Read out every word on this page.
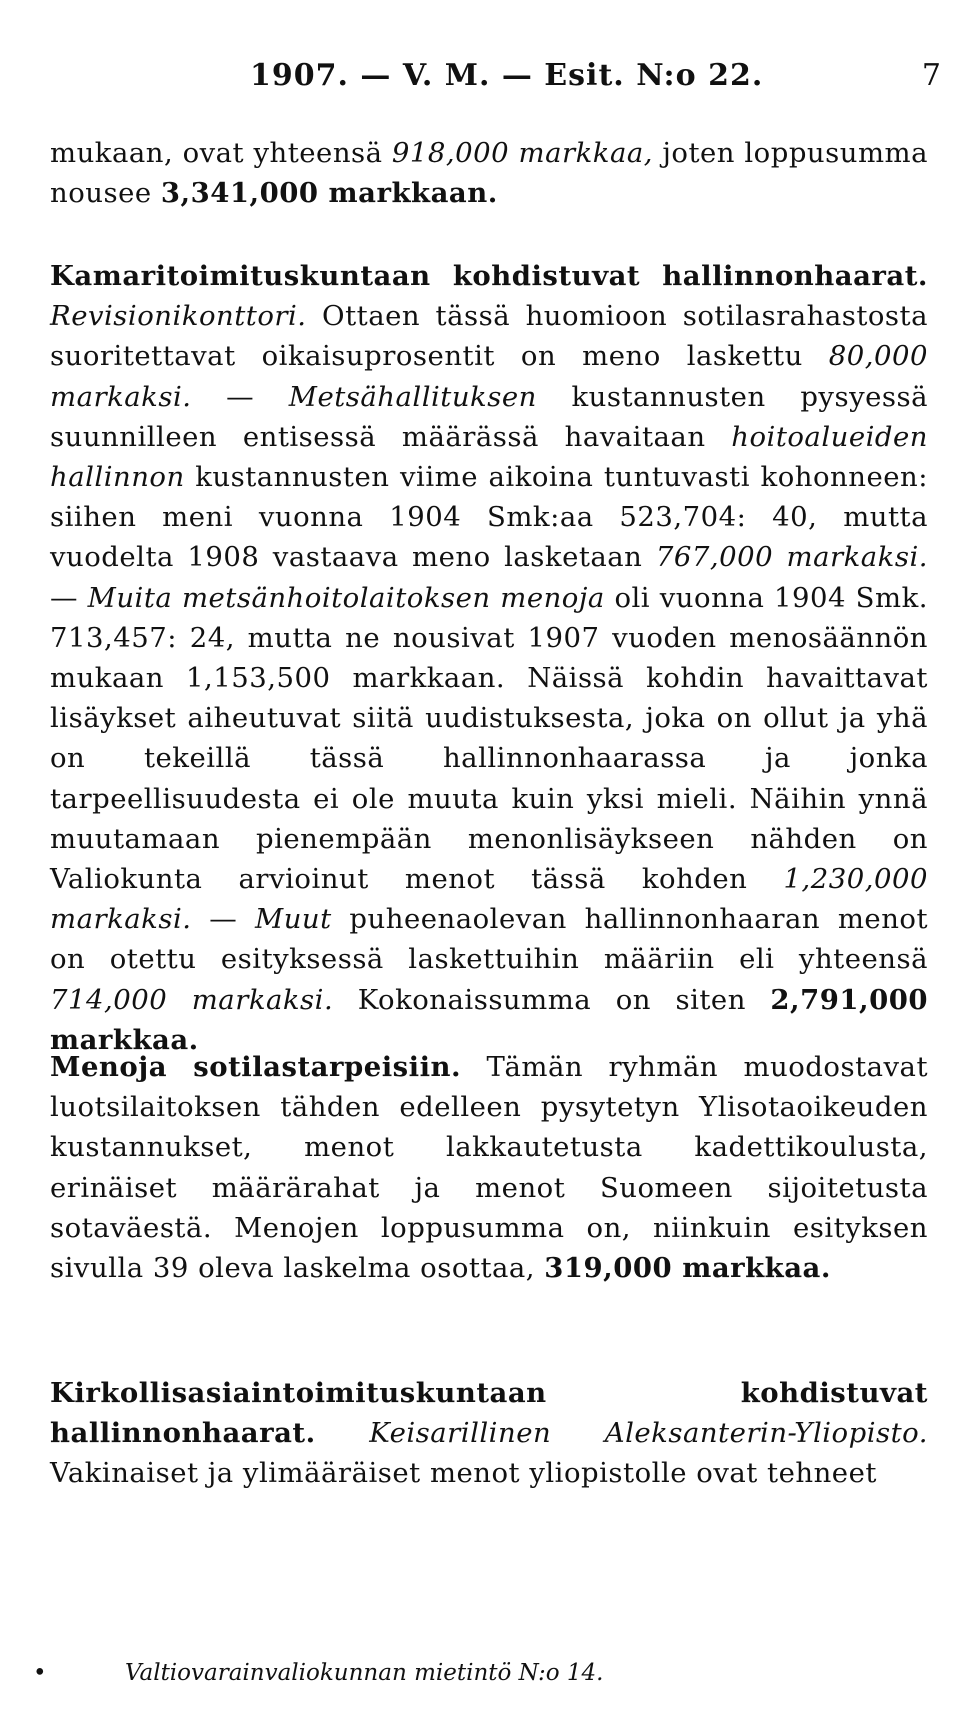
1907. — V. M. — Esit. N:o 22.	7
mukaan, ovat yhteensä 918,000 markkaa, joten loppusumma nousee 3,341,000 markkaan.
Kamaritoimituskuntaan kohdistuvat hallinnonhaarat. Revisionikonttori. Ottaen tässä huomioon sotilasrahastosta suoritettavat oikaisuprosentit on meno laskettu 80,000 markaksi. — Metsähallituksen kustannusten pysyessä suunnilleen entisessä määrässä havaitaan hoitoalueiden hallinnon kustannusten viime aikoina tuntuvasti kohonneen: siihen meni vuonna 1904 Smk:aa 523,704: 40, mutta vuodelta 1908 vastaava meno lasketaan 767,000 markaksi. — Muita metsänhoitolaitoksen menoja oli vuonna 1904 Smk. 713,457: 24, mutta ne nousivat 1907 vuoden menosäännön mukaan 1,153,500 markkaan. Näissä kohdin havaittavat lisäykset aiheutuvat siitä uudistuksesta, joka on ollut ja yhä on tekeillä tässä hallinnonhaarassa ja jonka tarpeellisuudesta ei ole muuta kuin yksi mieli. Näihin ynnä muutamaan pienempään menonlisäykseen nähden on Valiokunta arvioinut menot tässä kohden 1,230,000 markaksi. — Muut puheenaolevan hallinnonhaaran menot on otettu esityksessä laskettuihin määriin eli yhteensä 714,000 markaksi. Kokonaissumma on siten 2,791,000 markkaa.
Menoja sotilastarpeisiin. Tämän ryhmän muodostavat luotsilaitoksen tähden edelleen pysytetyn Ylisotaoikeuden kustannukset, menot lakkautetusta kadettikoulusta, erinäiset määrärahat ja menot Suomeen sijoitetusta sotaväestä. Menojen loppusumma on, niinkuin esityksen sivulla 39 oleva laskelma osottaa, 319,000 markkaa.
Kirkollisasiaintoimituskuntaan kohdistuvat hallinnonhaarat. Keisarillinen Aleksanterin-Yliopisto. Vakinaiset ja ylimääräiset menot yliopistolle ovat tehneet
•	Valtiovarainvaliokunnan mietintö N:o 14.
